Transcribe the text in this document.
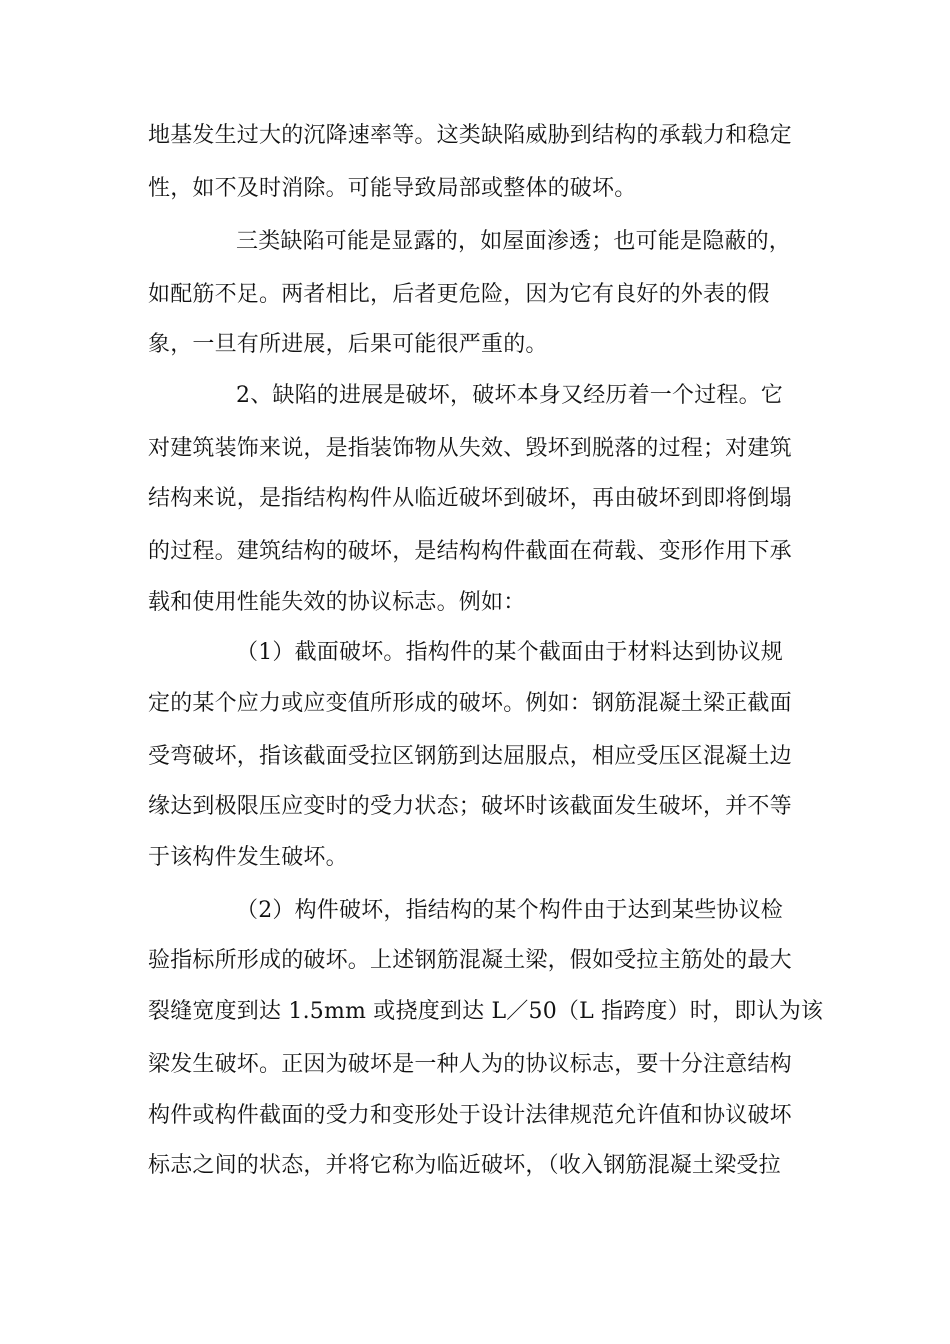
地基发生过大的沉降速率等。这类缺陷威胁到结构的承载力和稳定
性，如不及时消除。可能导致局部或整体的破坏。
三类缺陷可能是显露的，如屋面渗透；也可能是隐蔽的，
如配筋不足。两者相比，后者更危险，因为它有良好的外表的假
象，一旦有所进展，后果可能很严重的。
2、缺陷的进展是破坏，破坏本身又经历着一个过程。它
对建筑装饰来说，是指装饰物从失效、毁坏到脱落的过程；对建筑
结构来说，是指结构构件从临近破坏到破坏，再由破坏到即将倒塌
的过程。建筑结构的破坏，是结构构件截面在荷载、变形作用下承
载和使用性能失效的协议标志。例如：
（1）截面破坏。指构件的某个截面由于材料达到协议规
定的某个应力或应变值所形成的破坏。例如：钢筋混凝土梁正截面
受弯破坏，指该截面受拉区钢筋到达屈服点，相应受压区混凝土边
缘达到极限压应变时的受力状态；破坏时该截面发生破坏，并不等
于该构件发生破坏。
（2）构件破坏，指结构的某个构件由于达到某些协议检
验指标所形成的破坏。上述钢筋混凝土梁，假如受拉主筋处的最大
裂缝宽度到达 1.5mm 或挠度到达 L／50（L 指跨度）时，即认为该
梁发生破坏。正因为破坏是一种人为的协议标志，要十分注意结构
构件或构件截面的受力和变形处于设计法律规范允许值和协议破坏
标志之间的状态，并将它称为临近破坏，（收入钢筋混凝土梁受拉
